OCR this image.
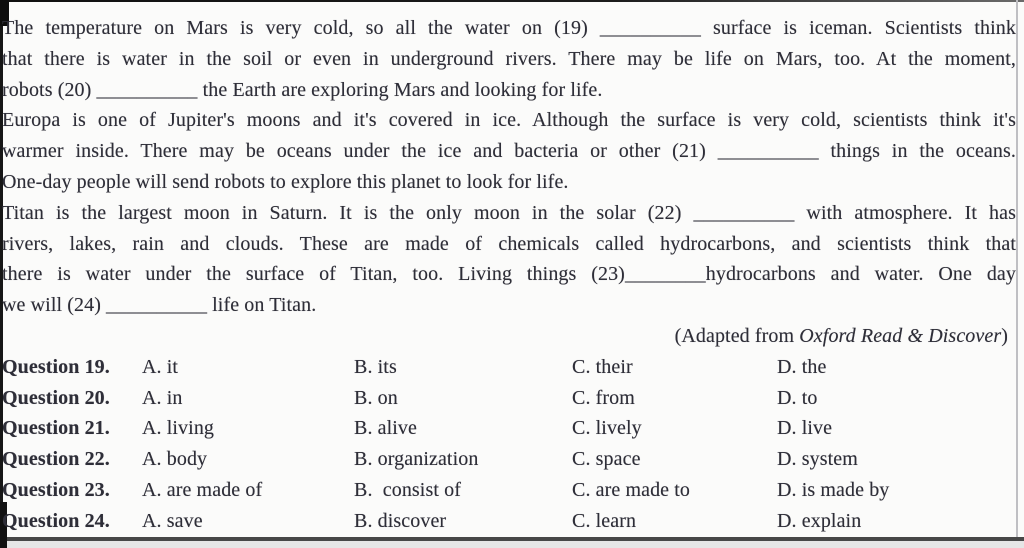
The temperature on Mars is very cold, so all the water on (19) __________ surface is iceman. Scientists think
that there is water in the soil or even in underground rivers. There may be life on Mars, too. At the moment,
robots (20) __________ the Earth are exploring Mars and looking for life.
Europa is one of Jupiter's moons and it's covered in ice. Although the surface is very cold, scientists think it's
warmer inside. There may be oceans under the ice and bacteria or other (21) __________ things in the oceans.
One-day people will send robots to explore this planet to look for life.
Titan is the largest moon in Saturn. It is the only moon in the solar (22) __________ with atmosphere. It has
rivers, lakes, rain and clouds. These are made of chemicals called hydrocarbons, and scientists think that
there is water under the surface of Titan, too. Living things (23)________hydrocarbons and water. One day
we will (24) __________ life on Titan.
(Adapted from Oxford Read & Discover)
Question 19. A. it	B. its	C. their	D. the
Question 20. A. in	B. on	C. from	D. to
Question 21. A. living	B. alive	C. lively	D. live
Question 22. A. body	B. organization	C. space	D. system
Question 23. A. are made of	B.  consist of	C. are made to	D. is made by
Question 24. A. save	B. discover	C. learn	D. explain
